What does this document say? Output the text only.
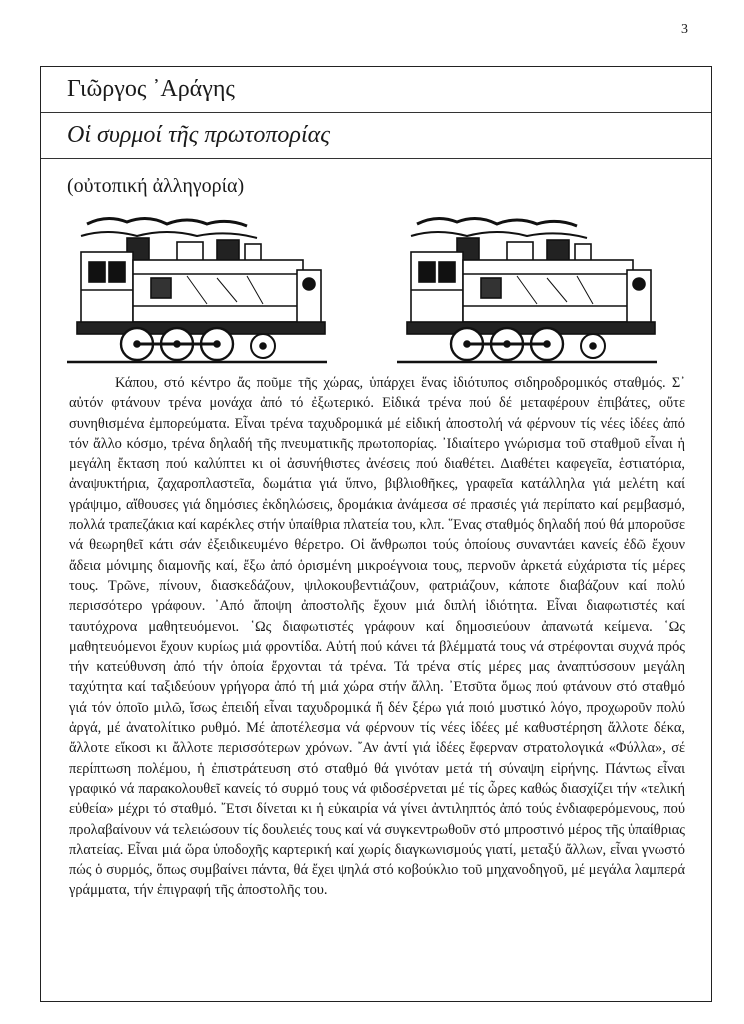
3
Γιῶργος ᾿Αράγης
Οἱ συρμοί τῆς πρωτοπορίας
(οὐτοπική ἀλληγορία)

Κάπου, στό κέντρο ἄς ποῦμε τῆς χώρας, ὑπάρχει ἕνας ἰδιότυπος σιδηροδρομικός σταθμός. Σ᾿ αὐτόν φτάνουν τρένα μονάχα ἀπό τό ἐξωτερικό. Εἰδικά τρένα πού δέ μεταφέρουν ἐπιβάτες, οὔτε συνηθισμένα ἐμπορεύματα. Εἶναι τρένα ταχυδρομικά μέ εἰδική ἀποστολή νά φέρνουν τίς νέες ἰδέες ἀπό τόν ἄλλο κόσμο, τρένα δηλαδή τῆς πνευματικῆς πρωτοπορίας. ᾿Ιδιαίτερο γνώρισμα τοῦ σταθμοῦ εἶναι ἡ μεγάλη ἔκταση πού καλύπτει κι οἱ ἀσυνήθιστες ἀνέσεις πού διαθέτει. Διαθέτει καφεγεῖα, ἑστιατόρια, ἀναψυκτήρια, ζαχαροπλαστεῖα, δωμάτια γιά ὕπνο, βιβλιοθῆκες, γραφεῖα κατάλληλα γιά μελέτη καί γράψιμο, αἴθουσες γιά δημόσιες ἐκδηλώσεις, δρομάκια ἀνάμεσα σέ πρασιές γιά περίπατο καί ρεμβασμό, πολλά τραπεζάκια καί καρέκλες στήν ὑπαίθρια πλατεία του, κλπ. ῞Ενας σταθμός δηλαδή πού θά μποροῦσε νά θεωρηθεῖ κάτι σάν ἐξειδικευμένο θέρετρο. Οἱ ἄνθρωποι τούς ὁποίους συναντάει κανείς ἐδῶ ἔχουν ἄδεια μόνιμης διαμονῆς καί, ἔξω ἀπό ὁρισμένη μικροέγνοια τους, περνοῦν ἀρκετά εὐχάριστα τίς μέρες τους. Τρῶνε, πίνουν, διασκεδάζουν, ψιλοκουβεντιάζουν, φατριάζουν, κάποτε διαβάζουν καί πολύ περισσότερο γράφουν. ᾿Από ἄποψη ἀποστολῆς ἔχουν μιά διπλή ἰδιότητα. Εἶναι διαφωτιστές καί ταυτόχρονα μαθητευόμενοι. ῾Ως διαφωτιστές γράφουν καί δημοσιεύουν ἀπανωτά κείμενα. ῾Ως μαθητευόμενοι ἔχουν κυρίως μιά φροντίδα. Αὐτή πού κάνει τά βλέμματά τους νά στρέφονται συχνά πρός τήν κατεύθυνση ἀπό τήν ὁποία ἔρχονται τά τρένα. Τά τρένα στίς μέρες μας ἀναπτύσσουν μεγάλη ταχύτητα καί ταξιδεύουν γρήγορα ἀπό τή μιά χώρα στήν ἄλλη. ᾿Ετσῦτα ὅμως πού φτάνουν στό σταθμό γιά τόν ὁποῖο μιλῶ, ἴσως ἐπειδή εἶναι ταχυδρομικά ἤ δέν ξέρω γιά ποιό μυστικό λόγο, προχωροῦν πολύ ἀργά, μέ ἀνατολίτικο ρυθμό. Μέ ἀποτέλεσμα νά φέρνουν τίς νέες ἰδέες μέ καθυστέρηση ἄλλοτε δέκα, ἄλλοτε εἴκοσι κι ἄλλοτε περισσότερων χρόνων. ῎Αν ἀντί γιά ἰδέες ἔφερναν στρατολογικά «Φύλλα», σέ περίπτωση πολέμου, ἡ ἐπιστράτευση στό σταθμό θά γινόταν μετά τή σύναψη εἰρήνης. Πάντως εἶναι γραφικό νά παρακολουθεῖ κανείς τό συρμό τους νά φιδοσέρνεται μέ τίς ὧρες καθώς διασχίζει τήν «τελική εὐθεία» μέχρι τό σταθμό. ῎Ετσι δίνεται κι ἡ εὐκαιρία νά γίνει ἀντιληπτός ἀπό τούς ἐνδιαφερόμενους, πού προλαβαίνουν νά τελειώσουν τίς δουλειές τους καί νά συγκεντρωθοῦν στό μπροστινό μέρος τῆς ὑπαίθριας πλατείας. Εἶναι μιά ὥρα ὑποδοχῆς καρτερική καί χωρίς διαγκωνισμούς γιατί, μεταξύ ἄλλων, εἶναι γνωστό πώς ὁ συρμός, ὅπως συμβαίνει πάντα, θά ἔχει ψηλά στό κοβούκλιο τοῦ μηχανοδηγοῦ, μέ μεγάλα λαμπερά γράμματα, τήν ἐπιγραφή τῆς ἀποστολῆς του.
